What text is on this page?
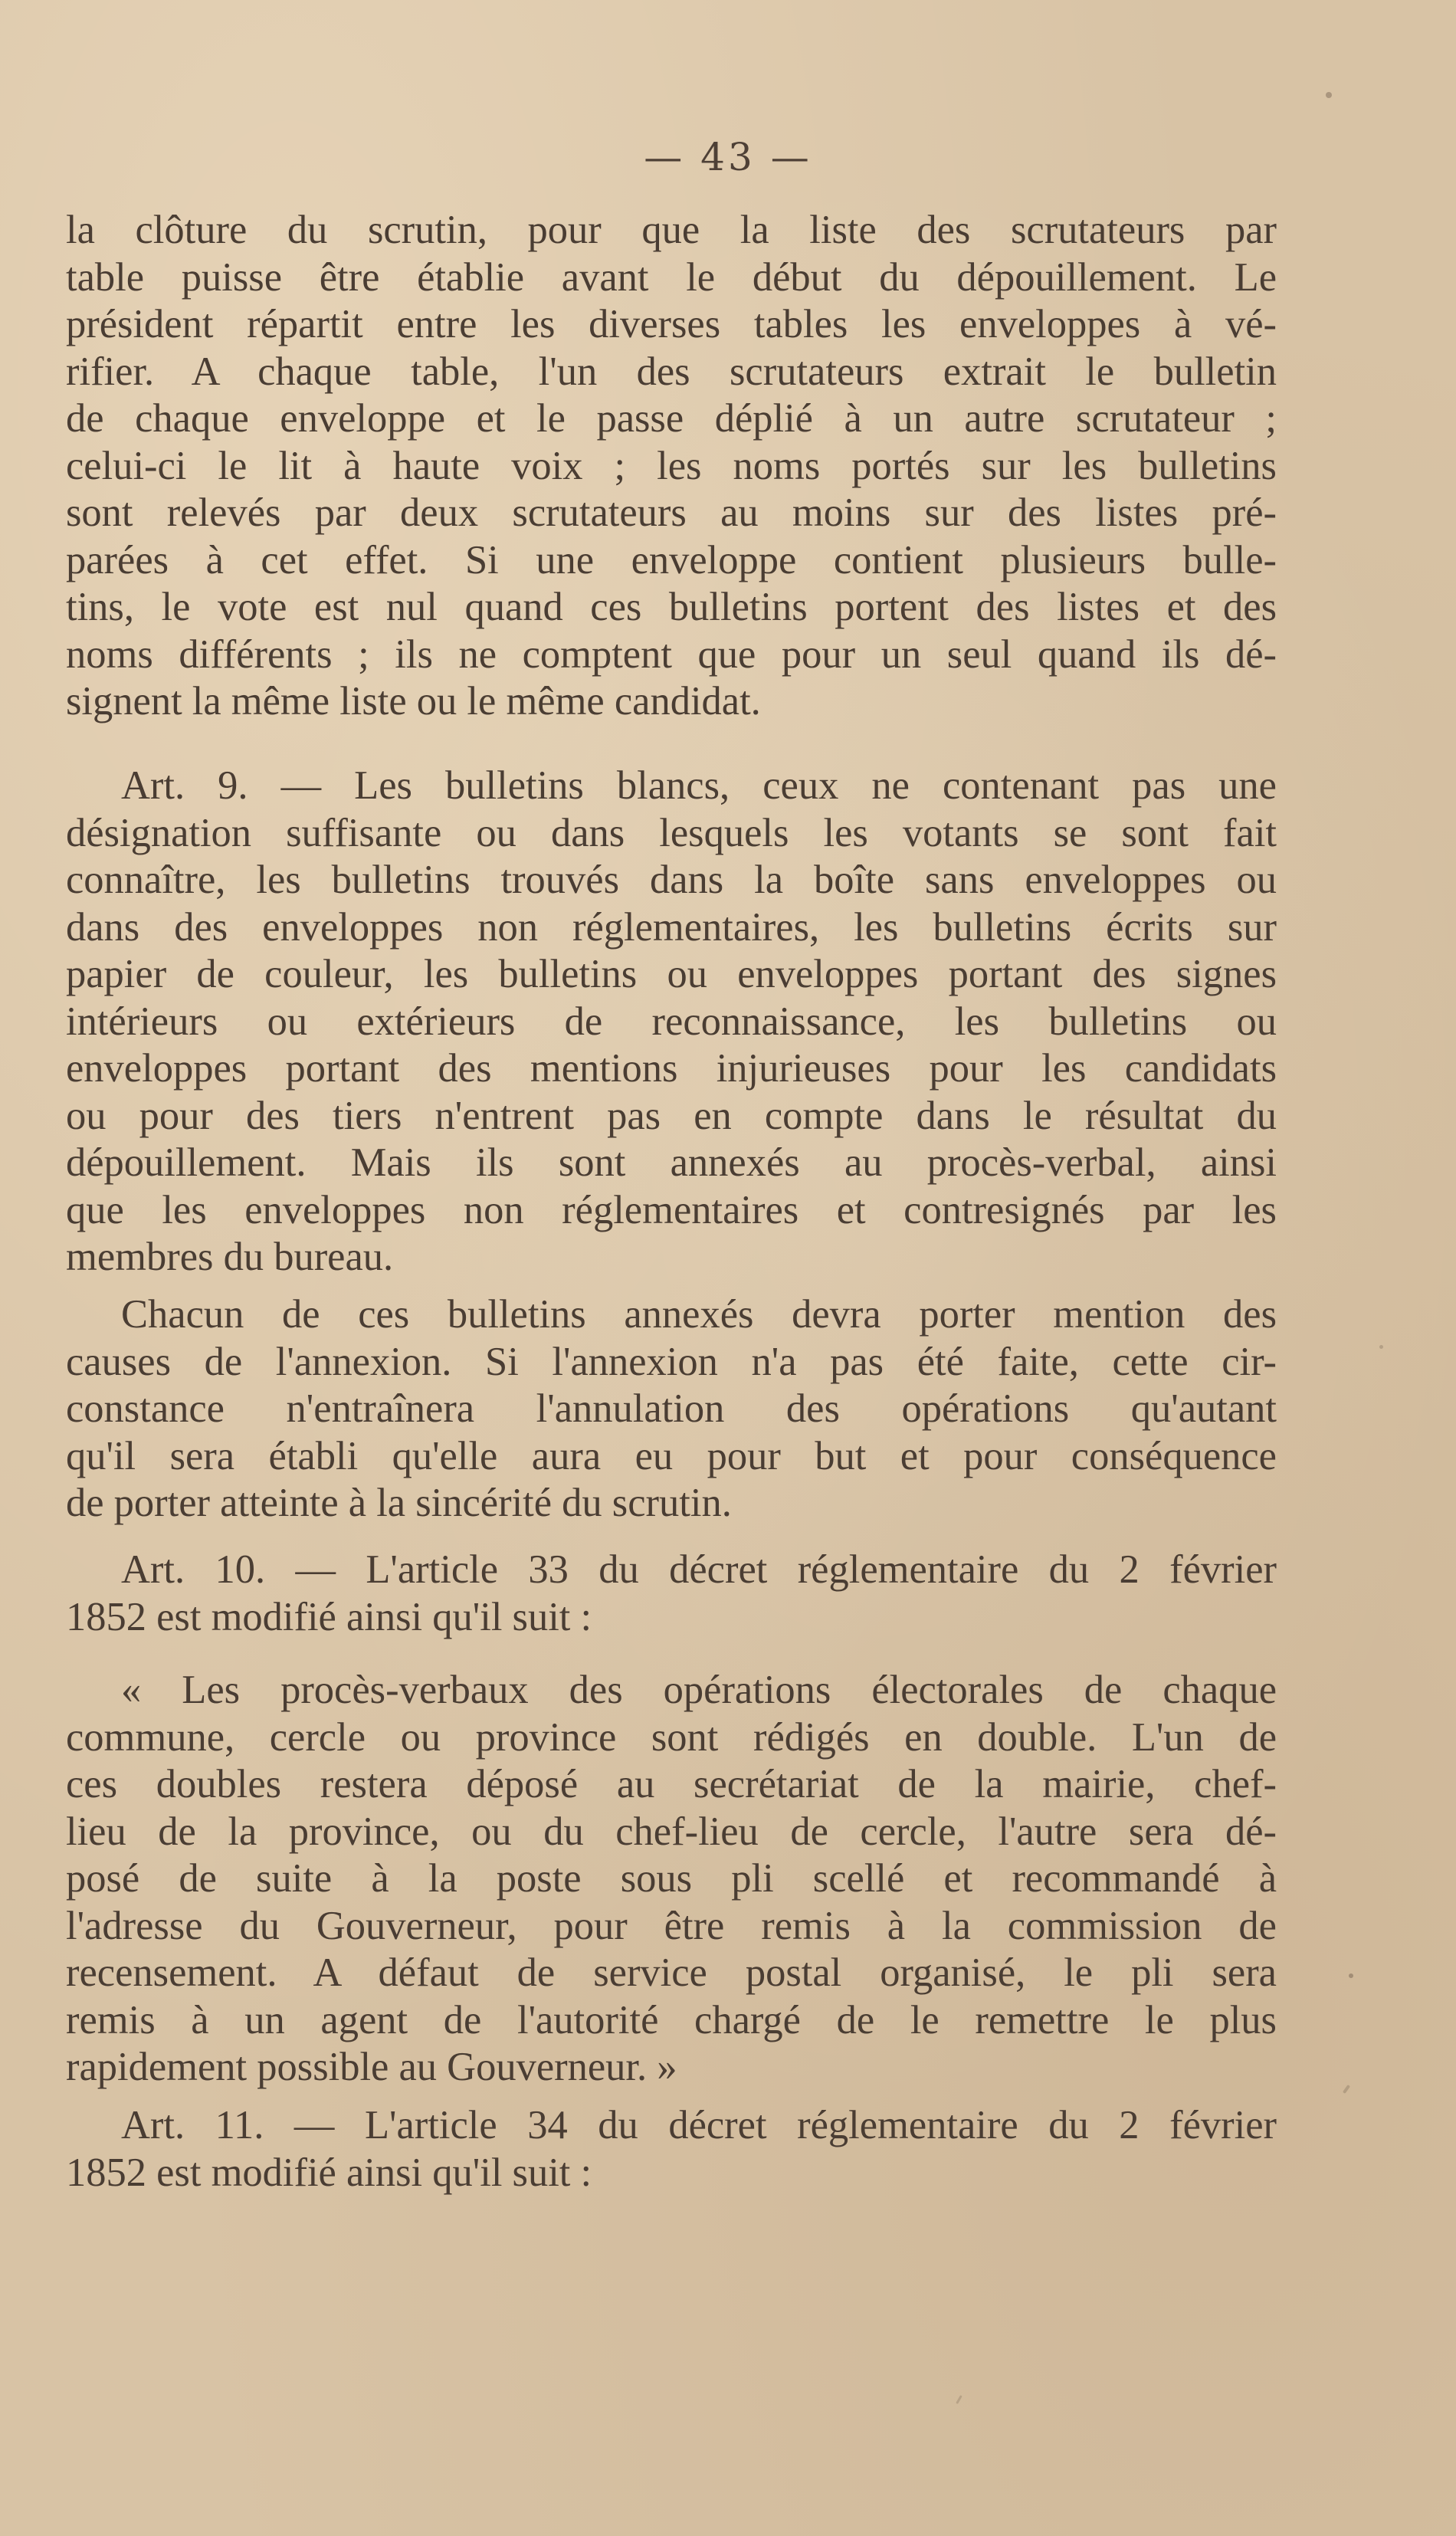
— 43 —
la clôture du scrutin, pour que la liste des scrutateurs par
table puisse être établie avant le début du dépouillement. Le
président répartit entre les diverses tables les enveloppes à vé-
rifier. A chaque table, l'un des scrutateurs extrait le bulletin
de chaque enveloppe et le passe déplié à un autre scrutateur ;
celui-ci le lit à haute voix ; les noms portés sur les bulletins
sont relevés par deux scrutateurs au moins sur des listes pré-
parées à cet effet. Si une enveloppe contient plusieurs bulle-
tins, le vote est nul quand ces bulletins portent des listes et des
noms différents ; ils ne comptent que pour un seul quand ils dé-
signent la même liste ou le même candidat.
Art. 9. — Les bulletins blancs, ceux ne contenant pas une
désignation suffisante ou dans lesquels les votants se sont fait
connaître, les bulletins trouvés dans la boîte sans enveloppes ou
dans des enveloppes non réglementaires, les bulletins écrits sur
papier de couleur, les bulletins ou enveloppes portant des signes
intérieurs ou extérieurs de reconnaissance, les bulletins ou
enveloppes portant des mentions injurieuses pour les candidats
ou pour des tiers n'entrent pas en compte dans le résultat du
dépouillement. Mais ils sont annexés au procès-verbal, ainsi
que les enveloppes non réglementaires et contresignés par les
membres du bureau.
Chacun de ces bulletins annexés devra porter mention des
causes de l'annexion. Si l'annexion n'a pas été faite, cette cir-
constance n'entraînera l'annulation des opérations qu'autant
qu'il sera établi qu'elle aura eu pour but et pour conséquence
de porter atteinte à la sincérité du scrutin.
Art. 10. — L'article 33 du décret réglementaire du 2 février
1852 est modifié ainsi qu'il suit :
« Les procès-verbaux des opérations électorales de chaque
commune, cercle ou province sont rédigés en double. L'un de
ces doubles restera déposé au secrétariat de la mairie, chef-
lieu de la province, ou du chef-lieu de cercle, l'autre sera dé-
posé de suite à la poste sous pli scellé et recommandé à
l'adresse du Gouverneur, pour être remis à la commission de
recensement. A défaut de service postal organisé, le pli sera
remis à un agent de l'autorité chargé de le remettre le plus
rapidement possible au Gouverneur. »
Art. 11. — L'article 34 du décret réglementaire du 2 février
1852 est modifié ainsi qu'il suit :
